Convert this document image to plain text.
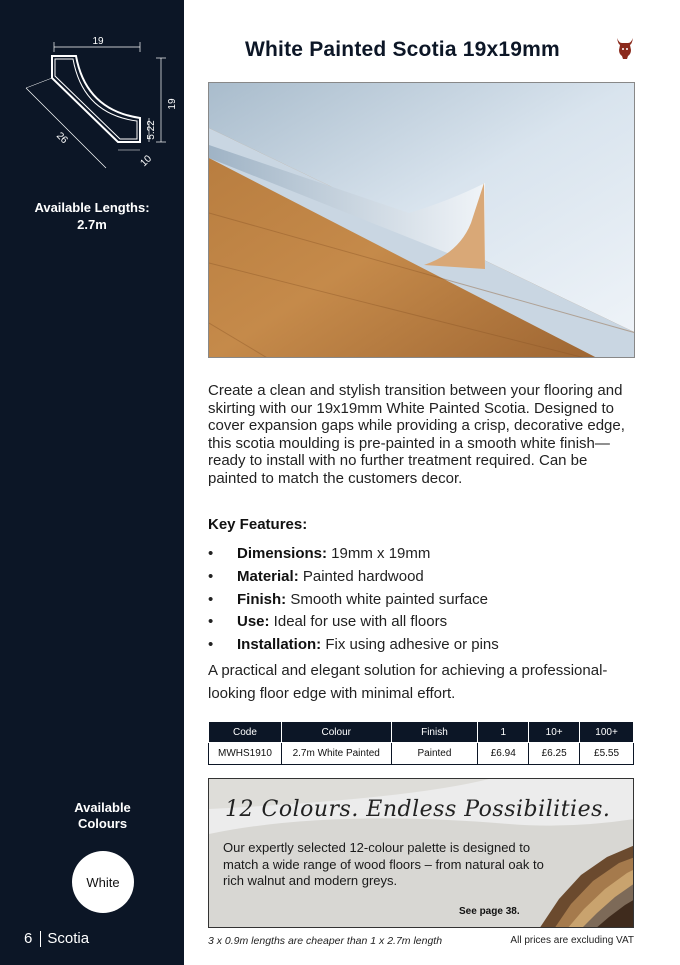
19
19
5.22
26
10
Available Lengths:
2.7m
Available
Colours
White
6 Scotia
White Painted Scotia 19x19mm
Create a clean and stylish transition between your flooring and skirting with our 19x19mm White Painted Scotia. Designed to cover expansion gaps while providing a crisp, decorative edge, this scotia moulding is pre-painted in a smooth white finish—ready to install with no further treatment required. Can be painted to match the customers decor.
Key Features:
• Dimensions: 19mm x 19mm
• Material: Painted hardwood
• Finish: Smooth white painted surface
• Use: Ideal for use with all floors
• Installation: Fix using adhesive or pins
A practical and elegant solution for achieving a professional-looking floor edge with minimal effort.
Code	Colour	Finish	1	10+	100+
MWHS1910	2.7m White Painted	Painted	£6.94	£6.25	£5.55
12 Colours. Endless Possibilities.
Our expertly selected 12-colour palette is designed to match a wide range of wood floors – from natural oak to rich walnut and modern greys.
See page 38.
3 x 0.9m lengths are cheaper than 1 x 2.7m length	All prices are excluding VAT
